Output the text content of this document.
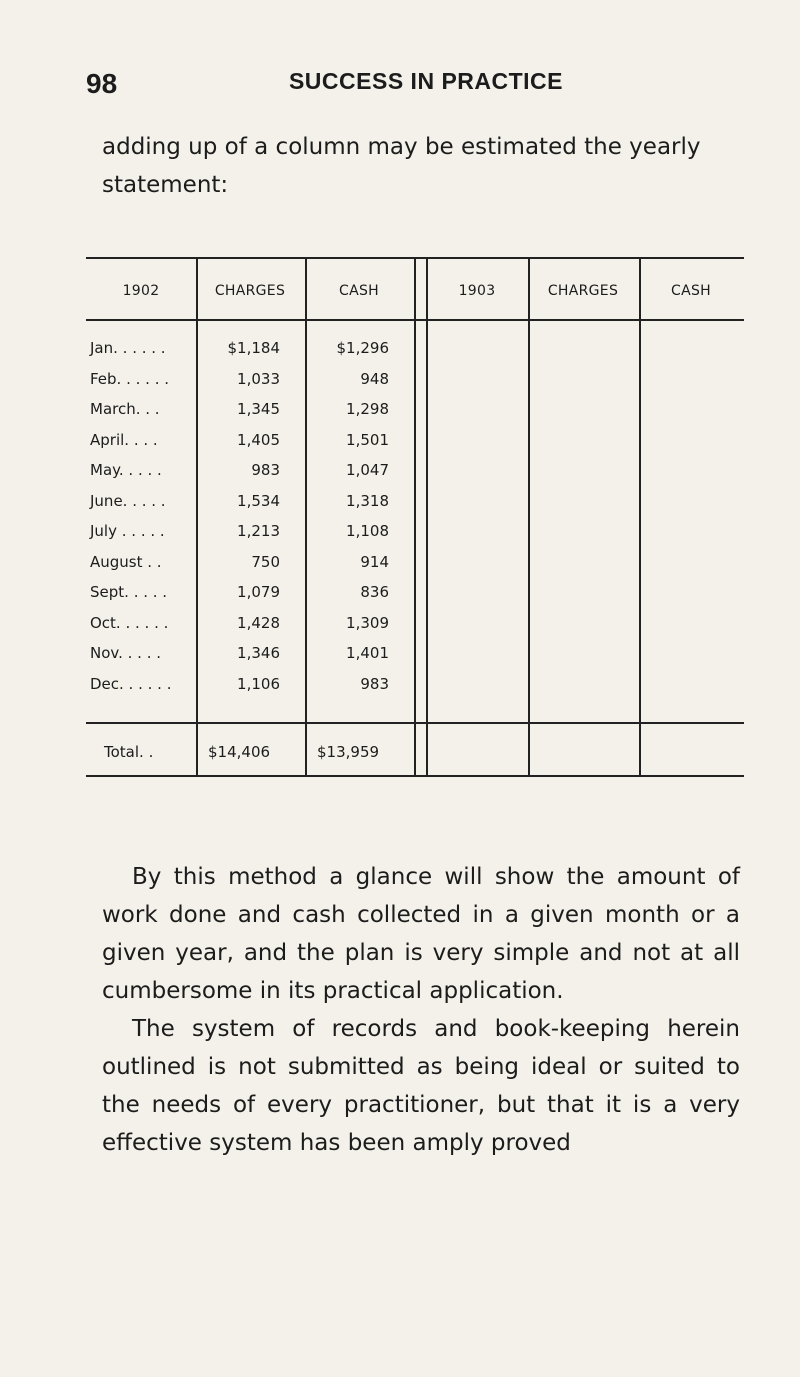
98	SUCCESS IN PRACTICE

adding up of a column may be estimated the yearly statement:

1902	CHARGES	CASH	1903	CHARGES	CASH
Jan. . . . . .	$1,184	$1,296
Feb. . . . . .	1,033	948
March. . .	1,345	1,298
April. . . .	1,405	1,501
May. . . . .	983	1,047
June. . . . .	1,534	1,318
July . . . . .	1,213	1,108
August . .	750	914
Sept. . . . .	1,079	836
Oct. . . . . .	1,428	1,309
Nov. . . . .	1,346	1,401
Dec. . . . . .	1,106	983
Total. .	$14,406	$13,959

By this method a glance will show the amount of work done and cash collected in a given month or a given year, and the plan is very simple and not at all cumbersome in its practical application.

The system of records and book-keeping herein outlined is not submitted as being ideal or suited to the needs of every practitioner, but that it is a very effective system has been amply proved
